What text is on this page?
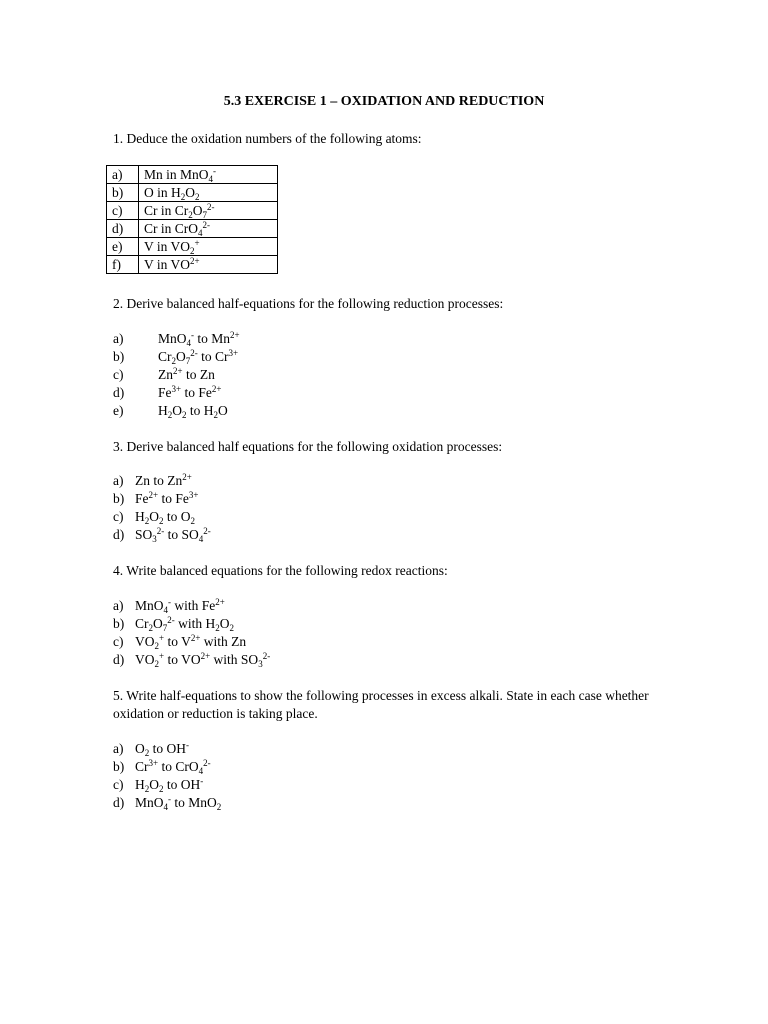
5.3 EXERCISE 1 – OXIDATION AND REDUCTION
1. Deduce the oxidation numbers of the following atoms:
a)	Mn in MnO$_4$-
b)	O in $H_2O_2$
c)	Cr in $Cr_2O_7^{2-}$
d)	Cr in CrO$_4^{2-}$
e)	V in $VO_2^+$
f)	V in $VO^{2+}$
2. Derive balanced half-equations for the following reduction processes:
a)	MnO$_4$- to $Mn^{2+}$
b)	$Cr_2O_7^{2-}$ to $Cr^{3+}$
c)	$Zn^{2+}$ to Zn
d)	$Fe^{3+}$ to $Fe^{2+}$
e)	$H_2O_2$ to $H_2O$
3. Derive balanced half equations for the following oxidation processes:
a) Zn to $Zn^{2+}$
b) $Fe^{2+}$ to $Fe^{3+}$
c) $H_2O_2$ to $O_2$
d) $SO_3^{2-}$ to $SO_4^{2-}$
4. Write balanced equations for the following redox reactions:
a) MnO$_4$- with $Fe^{2+}$
b) $Cr_2O_7^{2-}$ with $H_2O_2$
c) $VO_2^+$ to $V^{2+}$ with Zn
d) $VO_2^+$ to $VO^{2+}$ with $SO_3^{2-}$
5. Write half-equations to show the following processes in excess alkali. State in each case whether oxidation or reduction is taking place.
a) $O_2$ to OH-
b) $Cr^{3+}$ to CrO$_4^{2-}$
c) $H_2O_2$ to OH-
d) MnO$_4$- to MnO$_2$
